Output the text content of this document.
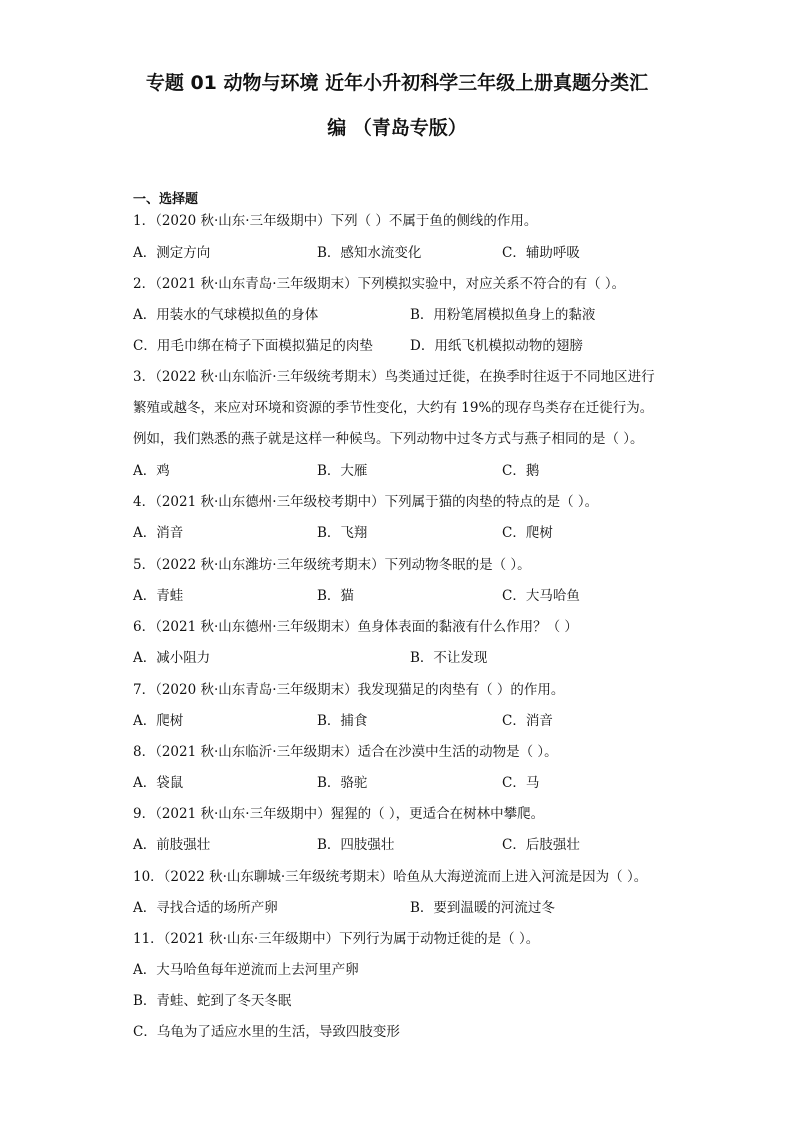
专题 01 动物与环境 近年小升初科学三年级上册真题分类汇
编 （青岛专版）
一、选择题
1．（2020 秋·山东·三年级期中）下列（ ）不属于鱼的侧线的作用。
A．测定方向	B．感知水流变化	C．辅助呼吸
2．（2021 秋·山东青岛·三年级期末）下列模拟实验中，对应关系不符合的有（ ）。
A．用装水的气球模拟鱼的身体	B．用粉笔屑模拟鱼身上的黏液
C．用毛巾绑在椅子下面模拟猫足的肉垫	D．用纸飞机模拟动物的翅膀
3．（2022 秋·山东临沂·三年级统考期末）鸟类通过迁徙，在换季时往返于不同地区进行
繁殖或越冬，来应对环境和资源的季节性变化，大约有 19%的现存鸟类存在迁徙行为。
例如，我们熟悉的燕子就是这样一种候鸟。下列动物中过冬方式与燕子相同的是（ ）。
A．鸡	B．大雁	C．鹅
4．（2021 秋·山东德州·三年级校考期中）下列属于猫的肉垫的特点的是（ ）。
A．消音	B．飞翔	C．爬树
5．（2022 秋·山东潍坊·三年级统考期末）下列动物冬眠的是（ ）。
A．青蛙	B．猫	C．大马哈鱼
6．（2021 秋·山东德州·三年级期末）鱼身体表面的黏液有什么作用？（ ）
A．减小阻力	B．不让发现
7．（2020 秋·山东青岛·三年级期末）我发现猫足的肉垫有（ ）的作用。
A．爬树	B．捕食	C．消音
8．（2021 秋·山东临沂·三年级期末）适合在沙漠中生活的动物是（ ）。
A．袋鼠	B．骆驼	C．马
9．（2021 秋·山东·三年级期中）猩猩的（ ），更适合在树林中攀爬。
A．前肢强壮	B．四肢强壮	C．后肢强壮
10．（2022 秋·山东聊城·三年级统考期末）哈鱼从大海逆流而上进入河流是因为（ ）。
A．寻找合适的场所产卵	B．要到温暖的河流过冬
11．（2021 秋·山东·三年级期中）下列行为属于动物迁徙的是（ ）。
A．大马哈鱼每年逆流而上去河里产卵
B．青蛙、蛇到了冬天冬眠
C．乌龟为了适应水里的生活，导致四肢变形
